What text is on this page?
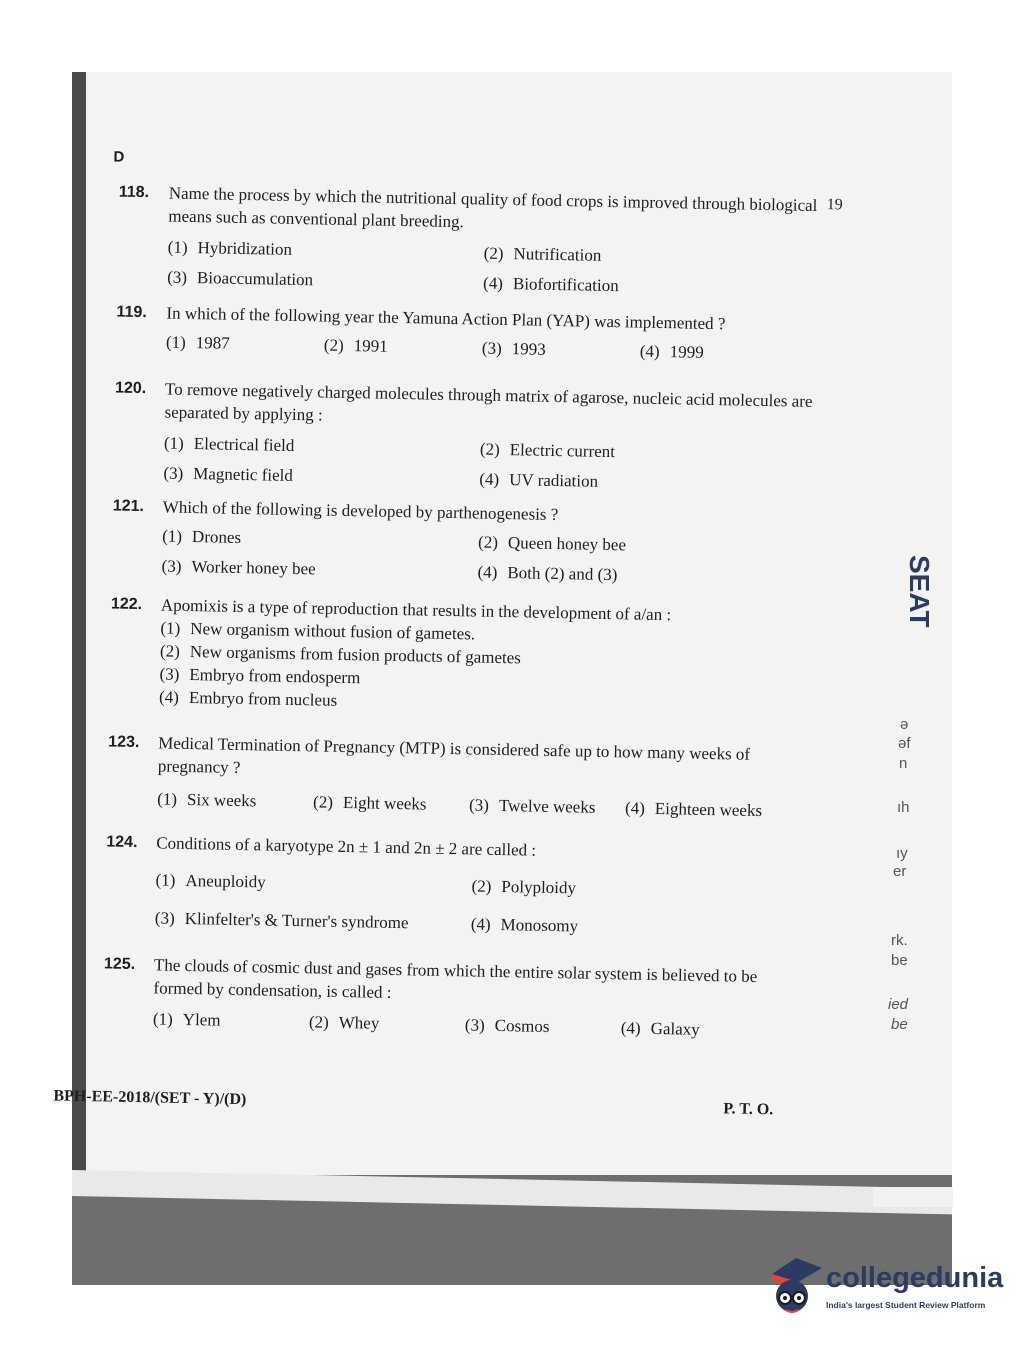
D
19
118. Name the process by which the nutritional quality of food crops is improved through biological means such as conventional plant breeding.
(1) Hybridization	(2) Nutrification
(3) Bioaccumulation	(4) Biofortification
119. In which of the following year the Yamuna Action Plan (YAP) was implemented ?
(1) 1987	(2) 1991	(3) 1993	(4) 1999
120. To remove negatively charged molecules through matrix of agarose, nucleic acid molecules are separated by applying :
(1) Electrical field	(2) Electric current
(3) Magnetic field	(4) UV radiation
121. Which of the following is developed by parthenogenesis ?
(1) Drones	(2) Queen honey bee
(3) Worker honey bee	(4) Both (2) and (3)
122. Apomixis is a type of reproduction that results in the development of a/an :
(1) New organism without fusion of gametes.
(2) New organisms from fusion products of gametes
(3) Embryo from endosperm
(4) Embryo from nucleus
123. Medical Termination of Pregnancy (MTP) is considered safe up to how many weeks of pregnancy ?
(1) Six weeks	(2) Eight weeks (3) Twelve weeks (4) Eighteen weeks
124. Conditions of a karyotype 2n ± 1 and 2n ± 2 are called :
(1) Aneuploidy	(2) Polyploidy
(3) Klinfelter's & Turner's syndrome	(4) Monosomy
125. The clouds of cosmic dust and gases from which the entire solar system is believed to be formed by condensation, is called :
(1) Ylem	(2) Whey	(3) Cosmos	(4) Galaxy
BPH-EE-2018/(SET - Y)/(D)
P. T. O.
ə
əf
n
ıh
ıy
er
rk.
be
ied
be
collegedunia
India's largest Student Review Platform
